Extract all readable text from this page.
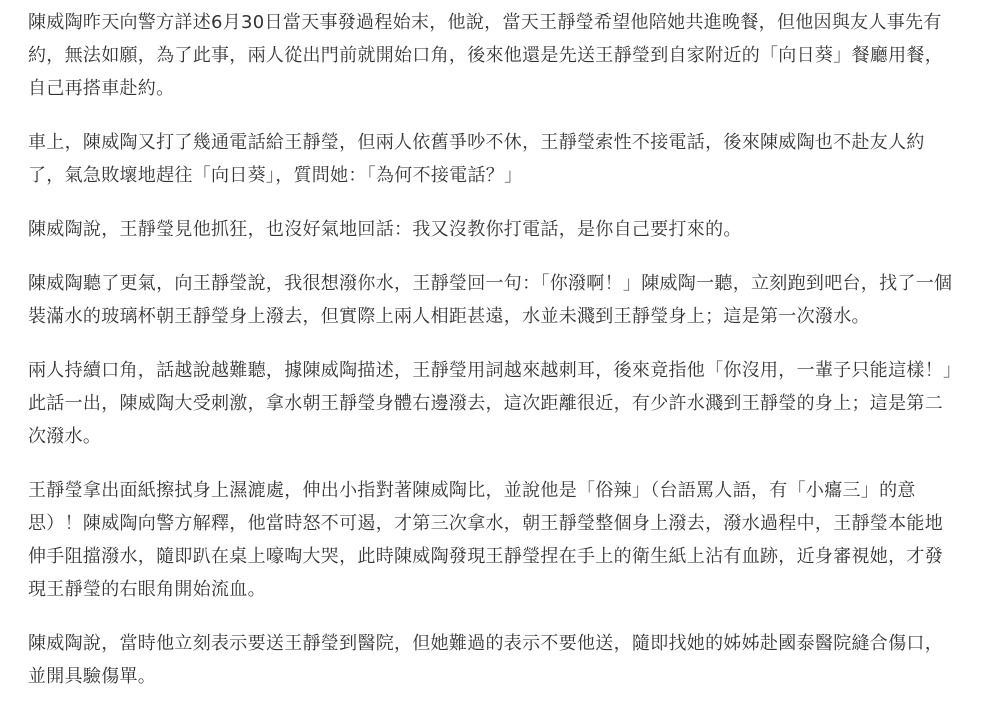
陳威陶昨天向警方詳述6月30日當天事發過程始末，他說，當天王靜瑩希望他陪她共進晚餐，但他因與友人事先有約，無法如願，為了此事，兩人從出門前就開始口角，後來他還是先送王靜瑩到自家附近的「向日葵」餐廳用餐，自己再搭車赴約。

車上，陳威陶又打了幾通電話給王靜瑩，但兩人依舊爭吵不休，王靜瑩索性不接電話，後來陳威陶也不赴友人約了，氣急敗壞地趕往「向日葵」，質問她：「為何不接電話？」

陳威陶說，王靜瑩見他抓狂，也沒好氣地回話：我又沒教你打電話，是你自己要打來的。

陳威陶聽了更氣，向王靜瑩說，我很想潑你水，王靜瑩回一句：「你潑啊！」陳威陶一聽，立刻跑到吧台，找了一個裝滿水的玻璃杯朝王靜瑩身上潑去，但實際上兩人相距甚遠，水並未濺到王靜瑩身上；這是第一次潑水。

兩人持續口角，話越說越難聽，據陳威陶描述，王靜瑩用詞越來越刺耳，後來竟指他「你沒用，一輩子只能這樣！」此話一出，陳威陶大受刺激，拿水朝王靜瑩身體右邊潑去，這次距離很近，有少許水濺到王靜瑩的身上；這是第二次潑水。

王靜瑩拿出面紙擦拭身上濕漉處，伸出小指對著陳威陶比，並說他是「俗辣」（台語罵人語，有「小癟三」的意思）！陳威陶向警方解釋，他當時怒不可遏，才第三次拿水，朝王靜瑩整個身上潑去，潑水過程中，王靜瑩本能地伸手阻擋潑水，隨即趴在桌上嚎啕大哭，此時陳威陶發現王靜瑩捏在手上的衛生紙上沾有血跡，近身審視她，才發現王靜瑩的右眼角開始流血。

陳威陶說，當時他立刻表示要送王靜瑩到醫院，但她難過的表示不要他送，隨即找她的姊姊赴國泰醫院縫合傷口，並開具驗傷單。
